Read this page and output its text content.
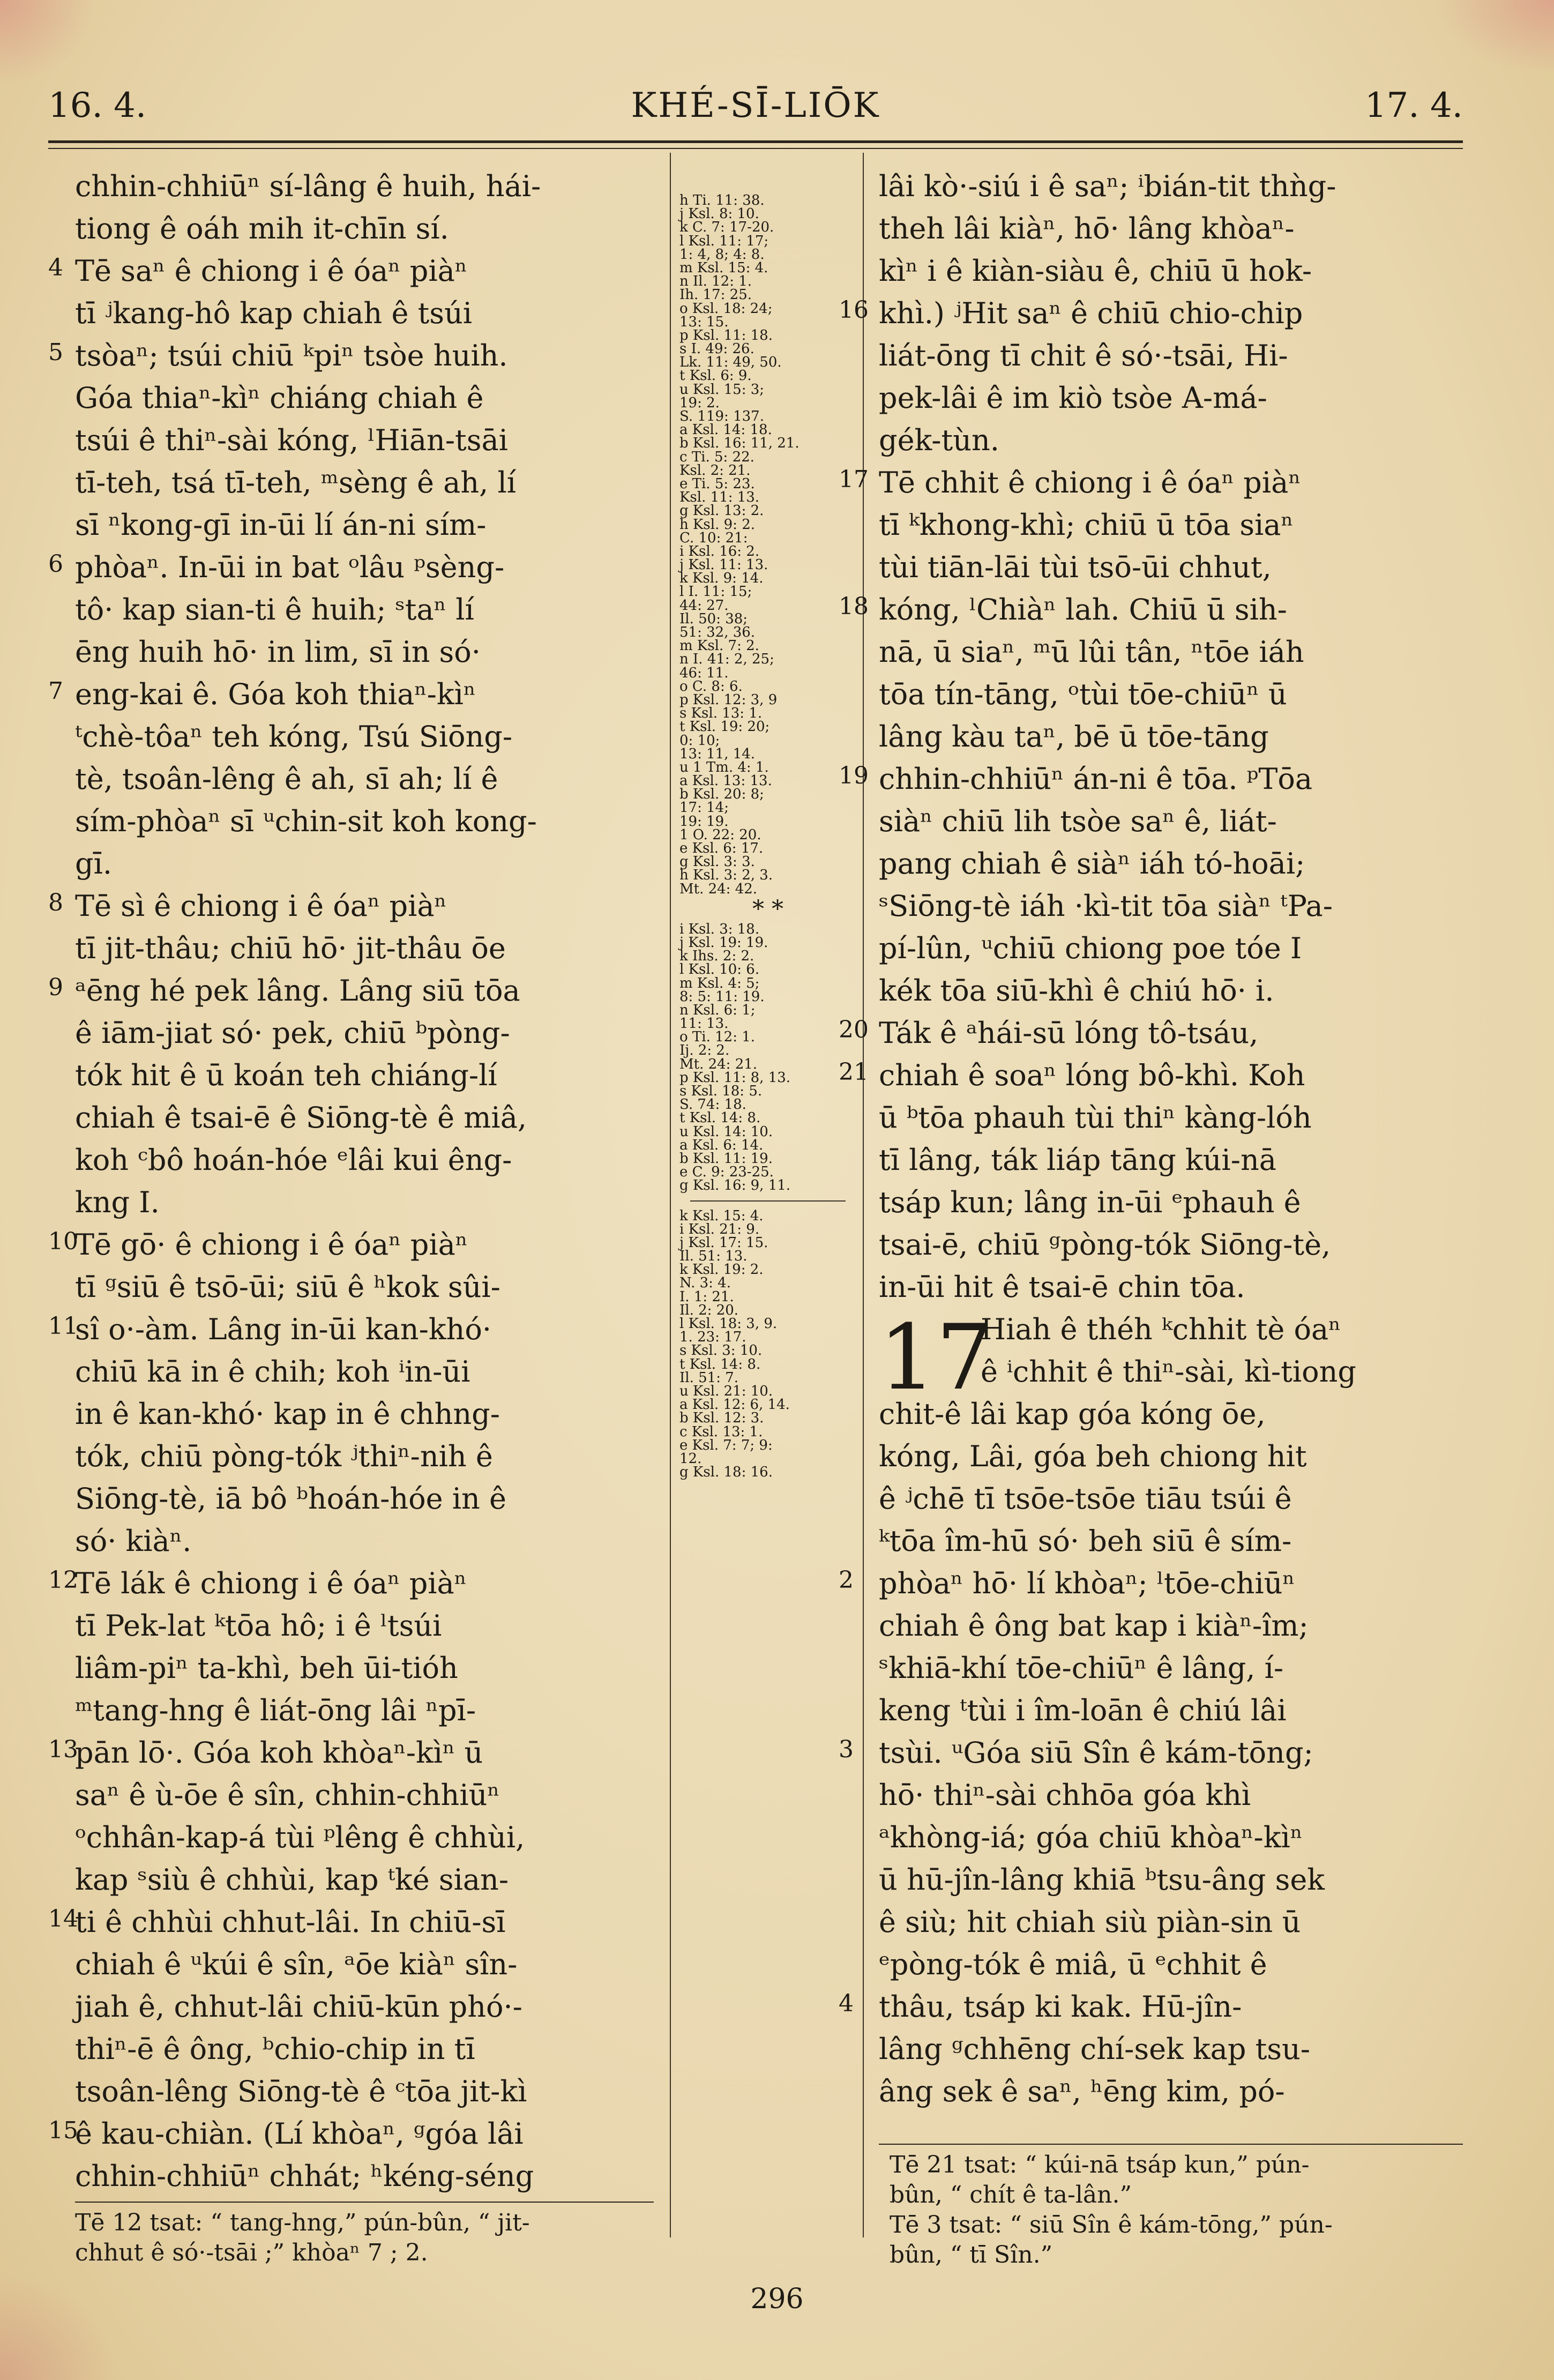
16. 4.	KHÉ-SĪ-LIŌK	17. 4.
chhin-chhiūⁿ sí-lâng ê huih, hái-
tiong ê oáh mih it-chīn sí.
4 Tē saⁿ ê chiong i ê óaⁿ piàⁿ
tī ʲkang-hô kap chiah ê tsúi
5 tsòaⁿ; tsúi chiū ᵏpiⁿ tsòe huih.
Góa thiaⁿ-kìⁿ chiáng chiah ê
tsúi ê thiⁿ-sài kóng, ˡHiān-tsāi
tī-teh, tsá tī-teh, ᵐsèng ê ah, lí
sī ⁿkong-gī in-ūi lí án-ni sím-
6 phòaⁿ. In-ūi in bat ᵒlâu ᵖsèng-
tô· kap sian-ti ê huih; ˢtaⁿ lí
ēng huih hō· in lim, sī in só·
7 eng-kai ê. Góa koh thiaⁿ-kìⁿ
ᵗchè-tôaⁿ teh kóng, Tsú Siōng-
tè, tsoân-lêng ê ah, sī ah; lí ê
sím-phòaⁿ sī ᵘchin-sit koh kong-
gī.
8 Tē sì ê chiong i ê óaⁿ piàⁿ
tī jit-thâu; chiū hō· jit-thâu ōe
9 ᵃēng hé pek lâng. Lâng siū tōa
ê iām-jiat só· pek, chiū ᵇpòng-
tók hit ê ū koán teh chiáng-lí
chiah ê tsai-ē ê Siōng-tè ê miâ,
koh ᶜbô hoán-hóe ᵉlâi kui êng-
kng I.
10
Tē gō· ê chiong i ê óaⁿ piàⁿ
tī ᵍsiū ê tsō-ūi; siū ê ʰkok sûi-
11
sî o·-àm. Lâng in-ūi kan-khó·
chiū kā in ê chih; koh ⁱin-ūi
in ê kan-khó· kap in ê chhng-
tók, chiū pòng-tók ʲthiⁿ-nih ê
Siōng-tè, iā bô ᵇhoán-hóe in ê
só· kiàⁿ.
12
Tē lák ê chiong i ê óaⁿ piàⁿ
tī Pek-lat ᵏtōa hô; i ê ˡtsúi
liâm-piⁿ ta-khì, beh ūi-tióh
ᵐtang-hng ê liát-ōng lâi ⁿpī-
13
pān lō·. Góa koh khòaⁿ-kìⁿ ū
saⁿ ê ù-ōe ê sîn, chhin-chhiūⁿ
ᵒchhân-kap-á tùi ᵖlêng ê chhùi,
kap ˢsiù ê chhùi, kap ᵗké sian-
14
ti ê chhùi chhut-lâi. In chiū-sī
chiah ê ᵘkúi ê sîn, ᵃōe kiàⁿ sîn-
jiah ê, chhut-lâi chiū-kūn phó·-
thiⁿ-ē ê ông, ᵇchio-chip in tī
tsoân-lêng Siōng-tè ê ᶜtōa jit-kì
15
ê kau-chiàn. (Lí khòaⁿ, ᵍgóa lâi
chhin-chhiūⁿ chhát; ʰkéng-séng
h Ti. 11: 38.
j Ksl. 8: 10.
k C. 7: 17-20.
l Ksl. 11: 17;
1: 4, 8; 4: 8.
m Ksl. 15: 4.
n Il. 12: 1.
Ih. 17: 25.
o Ksl. 18: 24;
13: 15.
p Ksl. 11: 18.
s I. 49: 26.
Lk. 11: 49, 50.
t Ksl. 6: 9.
u Ksl. 15: 3;
19: 2.
S. 119: 137.
a Ksl. 14: 18.
b Ksl. 16: 11, 21.
c Ti. 5: 22.
Ksl. 2: 21.
e Ti. 5: 23.
Ksl. 11: 13.
g Ksl. 13: 2.
h Ksl. 9: 2.
C. 10: 21:
i Ksl. 16: 2.
j Ksl. 11: 13.
k Ksl. 9: 14.
l I. 11: 15;
44: 27.
Il. 50: 38;
51: 32, 36.
m Ksl. 7: 2.
n I. 41: 2, 25;
46: 11.
o C. 8: 6.
p Ksl. 12: 3, 9
s Ksl. 13: 1.
t Ksl. 19: 20;
0: 10;
13: 11, 14.
u 1 Tm. 4: 1.
a Ksl. 13: 13.
b Ksl. 20: 8;
17: 14;
19: 19.
1 O. 22: 20.
e Ksl. 6: 17.
g Ksl. 3: 3.
h Ksl. 3: 2, 3.
Mt. 24: 42.
* *
i Ksl. 3: 18.
j Ksl. 19: 19.
k Ihs. 2: 2.
l Ksl. 10: 6.
m Ksl. 4: 5;
8: 5: 11: 19.
n Ksl. 6: 1;
11: 13.
o Ti. 12: 1.
Ij. 2: 2.
Mt. 24: 21.
p Ksl. 11: 8, 13.
s Ksl. 18: 5.
S. 74: 18.
t Ksl. 14: 8.
u Ksl. 14: 10.
a Ksl. 6: 14.
b Ksl. 11: 19.
e C. 9: 23-25.
g Ksl. 16: 9, 11.
k Ksl. 15: 4.
i Ksl. 21: 9.
j Ksl. 17: 15.
Il. 51: 13.
k Ksl. 19: 2.
N. 3: 4.
I. 1: 21.
Il. 2: 20.
l Ksl. 18: 3, 9.
1. 23: 17.
s Ksl. 3: 10.
t Ksl. 14: 8.
Il. 51: 7.
u Ksl. 21: 10.
a Ksl. 12: 6, 14.
b Ksl. 12: 3.
c Ksl. 13: 1.
e Ksl. 7: 7; 9:
12.
g Ksl. 18: 16.
lâi kò·-siú i ê saⁿ; ⁱbián-tit thǹg-
theh lâi kiàⁿ, hō· lâng khòaⁿ-
kìⁿ i ê kiàn-siàu ê, chiū ū hok-
16 khì.) ʲHit saⁿ ê chiū chio-chip
liát-ōng tī chit ê só·-tsāi, Hi-
pek-lâi ê im kiò tsòe A-má-
gék-tùn.
17 Tē chhit ê chiong i ê óaⁿ piàⁿ
tī ᵏkhong-khì; chiū ū tōa siaⁿ
tùi tiān-lāi tùi tsō-ūi chhut,
18 kóng, ˡChiàⁿ lah. Chiū ū sih-
nā, ū siaⁿ, ᵐū lûi tân, ⁿtōe iáh
tōa tín-tāng, ᵒtùi tōe-chiūⁿ ū
lâng kàu taⁿ, bē ū tōe-tāng
19 chhin-chhiūⁿ án-ni ê tōa. ᵖTōa
siàⁿ chiū lih tsòe saⁿ ê, liát-
pang chiah ê siàⁿ iáh tó-hoāi;
ˢSiōng-tè iáh ·kì-tit tōa siàⁿ ᵗPa-
pí-lûn, ᵘchiū chiong poe tóe I
kék tōa siū-khì ê chiú hō· i.
20 Ták ê ᵃhái-sū lóng tô-tsáu,
21 chiah ê soaⁿ lóng bô-khì. Koh
ū ᵇtōa phauh tùi thiⁿ kàng-lóh
tī lâng, ták liáp tāng kúi-nā
tsáp kun; lâng in-ūi ᵉphauh ê
tsai-ē, chiū ᵍpòng-tók Siōng-tè,
in-ūi hit ê tsai-ē chin tōa.
Hiah ê théh ᵏchhit tè óaⁿ
ê ⁱchhit ê thiⁿ-sài, kì-tiong
chit-ê lâi kap góa kóng ōe,
kóng, Lâi, góa beh chiong hit
ê ʲchē tī tsōe-tsōe tiāu tsúi ê
ᵏtōa îm-hū só· beh siū ê sím-
2 phòaⁿ hō· lí khòaⁿ; ˡtōe-chiūⁿ
chiah ê ông bat kap i kiàⁿ-îm;
ˢkhiā-khí tōe-chiūⁿ ê lâng, í-
keng ᵗtùi i îm-loān ê chiú lâi
3 tsùi. ᵘGóa siū Sîn ê kám-tōng;
hō· thiⁿ-sài chhōa góa khì
ᵃkhòng-iá; góa chiū khòaⁿ-kìⁿ
ū hū-jîn-lâng khiā ᵇtsu-âng sek
ê siù; hit chiah siù piàn-sin ū
ᵉpòng-tók ê miâ, ū ᵉchhit ê
4 thâu, tsáp ki kak. Hū-jîn-
lâng ᵍchhēng chí-sek kap tsu-
âng sek ê saⁿ, ʰēng kim, pó-
17
Tē 12 tsat: “ tang-hng,” pún-bûn, “ jit-
chhut ê só·-tsāi ;” khòaⁿ 7 ; 2.
Tē 21 tsat: “ kúi-nā tsáp kun,” pún-
bûn, “ chít ê ta-lân.”
Tē 3 tsat: “ siū Sîn ê kám-tōng,” pún-
bûn, “ tī Sîn.”
296
